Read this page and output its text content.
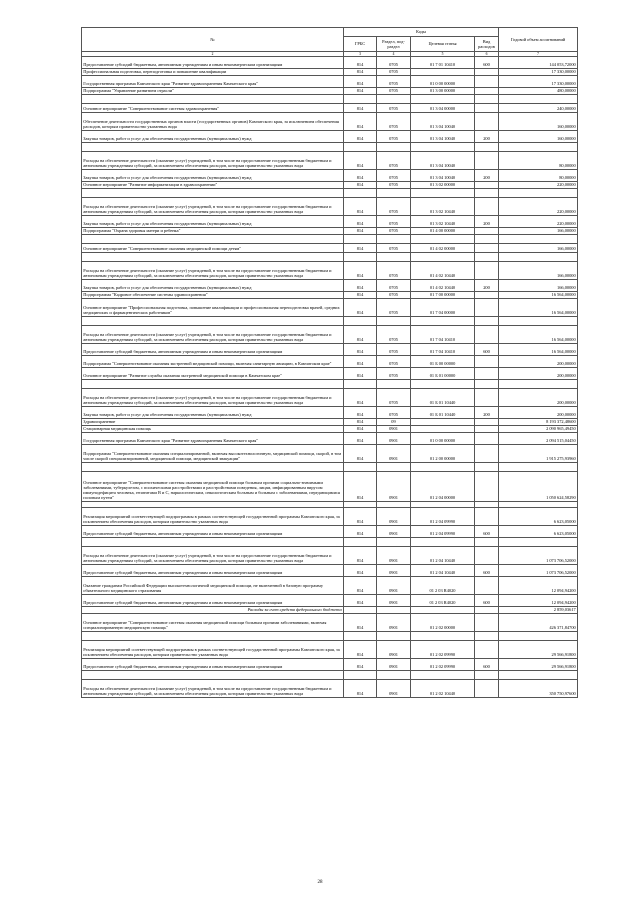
№	Коды				Годовой объем ассигнований
	ГРБС	Раздел, под-раздел	Целевая статья	Вид расходов	
2	3	4	5	6	7
Предоставление субсидий бюджетным, автономным учреждениям и иным некоммерческим организациям	814	0705	01 7 01 10410	600	144 053,72000
Профессиональная подготовка, переподготовка и повышение квалификации	814	0705			17 330,00000
Государственная программа Камчатского края "Развитие здравоохранения Камчатского края"	814	0705	01 0 00 00000		17 330,00000
Подпрограмма "Управление развитием отрасли"	814	0705	01 3 00 00000		480,00000

Основное мероприятие "Совершенствование системы здравоохранения"	814	0705	01 3 04 00000		240,00000
Обеспечение деятельности государственных органов власти (государственных органов) Камчатского края, за исключением обеспечения расходов, которым правительство указанных вида	814	0705	01 3 04 10040		160,00000
Закупка товаров, работ и услуг для обеспечения государственных (муниципальных) нужд	814	0705	01 3 04 10040	200	160,00000

Расходы на обеспечение деятельности (оказание услуг) учреждений, в том числе на предоставление государственным бюджетным и автономным учреждениям субсидий, за исключением обеспечения расходов, которым правительство указанных вида	814	0705	01 3 04 10040		80,00000
Закупка товаров, работ и услуг для обеспечения государственных (муниципальных) нужд	814	0705	01 3 04 10040	200	80,00000
Основное мероприятие "Развитие информатизации в здравоохранении"	814	0705	01 3 02 00000		220,00000

Расходы на обеспечение деятельности (оказание услуг) учреждений, в том числе на предоставление государственным бюджетным и автономным учреждениям субсидий, за исключением обеспечения расходов, которым правительство указанных вида	814	0705	01 3 02 10440		220,00000
Закупка товаров, работ и услуг для обеспечения государственных (муниципальных) нужд	814	0705	01 3 02 10440	200	220,00000
Подпрограмма "Охрана здоровья матери и ребенка"	814	0705	01 4 00 00000		166,00000

Основное мероприятие "Совершенствование оказания медицинской помощи детям"	814	0705	01 4 02 00000		166,00000

Расходы на обеспечение деятельности (оказание услуг) учреждений, в том числе на предоставление государственным бюджетным и автономным учреждениям субсидий, за исключением обеспечения расходов, которым правительство указанных вида	814	0705	01 4 02 10440		166,00000
Закупка товаров, работ и услуг для обеспечения государственных (муниципальных) нужд	814	0705	01 4 02 10440	200	166,00000
Подпрограмма "Кадровое обеспечение системы здравоохранения"	814	0705	01 7 00 00000		16 564,00000
Основное мероприятие "Профессиональная подготовка, повышение квалификации и профессиональная переподготовка врачей, средних медицинских и фармацевтических работников"	814	0705	01 7 04 00000		16 564,00000

Расходы на обеспечение деятельности (оказание услуг) учреждений, в том числе на предоставление государственным бюджетным и автономным учреждениям субсидий, за исключением обеспечения расходов, которым правительство указанных вида	814	0705	01 7 04 10410		16 564,00000
Предоставление субсидий бюджетным, автономным учреждениям и иным некоммерческим организациям	814	0705	01 7 04 10410	600	16 564,00000
Подпрограмма "Совершенствование оказания экстренной медицинской помощи, включая санитарную авиацию, в Камчатском крае"	814	0705	01 Б 00 00000		200,00000
Основное мероприятие "Развитие службы оказания экстренной медицинской помощи в Камчатском крае"	814	0705	01 Б 01 00000		200,00000

Расходы на обеспечение деятельности (оказание услуг) учреждений, в том числе на предоставление государственным бюджетным и автономным учреждениям субсидий, за исключением обеспечения расходов, которым правительство указанных вида	814	0705	01 Б 01 10440		200,00000
Закупка товаров, работ и услуг для обеспечения государственных (муниципальных) нужд	814	0705	01 Б 01 10440	200	200,00000
Здравоохранение	814	09			8 193 372,48600
Стационарная медицинская помощь	814	0901			2 090 965,49450
Государственная программа Камчатского края "Развитие здравоохранения Камчатского края"	814	0901	01 0 00 00000		2 094 515,04450
Подпрограмма "Совершенствование оказания специализированной, включая высокотехнологичную, медицинской помощи, скорой, в том числе скорой специализированной, медицинской помощи, медицинской эвакуации"	814	0901	01 2 00 00000		1 915 275,93960

Основное мероприятие "Совершенствование системы оказания медицинской помощи больным прочими социально-значимыми заболеваниями, туберкулезом, с психическими расстройствами и расстройствами поведения, лицам, инфицированным вирусом иммунодефицита человека, гепатитами B и C, наркологическим, онкологическим больным и больным с заболеваниями, передающимися половым путем"	814	0901	01 2 04 00000		1 050 624,58290

Реализация мероприятий соответствующей подпрограммы в рамках соответствующей государственной программы Камчатского края, за исключением обеспечения расходов, которым правительство указанных вида	814	0901	01 2 04 09990		6 623,05000
Предоставление субсидий бюджетным, автономным учреждениям и иным некоммерческим организациям	814	0901	01 2 04 09990	600	6 623,05000

Расходы на обеспечение деятельности (оказание услуг) учреждений, в том числе на предоставление государственным бюджетным и автономным учреждениям субсидий, за исключением обеспечения расходов, которым правительство указанных вида	814	0901	01 2 04 10440		1 073 706,52000
Предоставление субсидий бюджетным, автономным учреждениям и иным некоммерческим организациям	814	0901	01 2 04 10440	600	1 073 706,52000
Оказание гражданам Российской Федерации высокотехнологичной медицинской помощи, не включенной в базовую программу обязательного медицинского страхования	814	0901	01 2 03 R4020		12 094,94200
Предоставление субсидий бюджетным, автономным учреждениям и иным некоммерческим организациям	814	0901	01 2 03 R4020	600	12 094,94200
Расходы за счет средств федерального бюджета					2 859,03617
Основное мероприятие "Совершенствование системы оказания медицинской помощи больным прочими заболеваниями, включая специализированную медицинскую помощь"	814	0901	01 2 02 00000		426 371,84700

Реализация мероприятий соответствующей подпрограммы в рамках соответствующей государственной программы Камчатского края, за исключением обеспечения расходов, которым правительство указанных вида	814	0901	01 2 02 09990		29 566,91800
Предоставление субсидий бюджетным, автономным учреждениям и иным некоммерческим организациям	814	0901	01 2 02 09990	600	29 566,91800

Расходы на обеспечение деятельности (оказание услуг) учреждений, в том числе на предоставление государственным бюджетным и автономным учреждениям субсидий, за исключением обеспечения расходов, которым правительство указанных вида	814	0901	01 2 02 10440		350 750,97600
28
